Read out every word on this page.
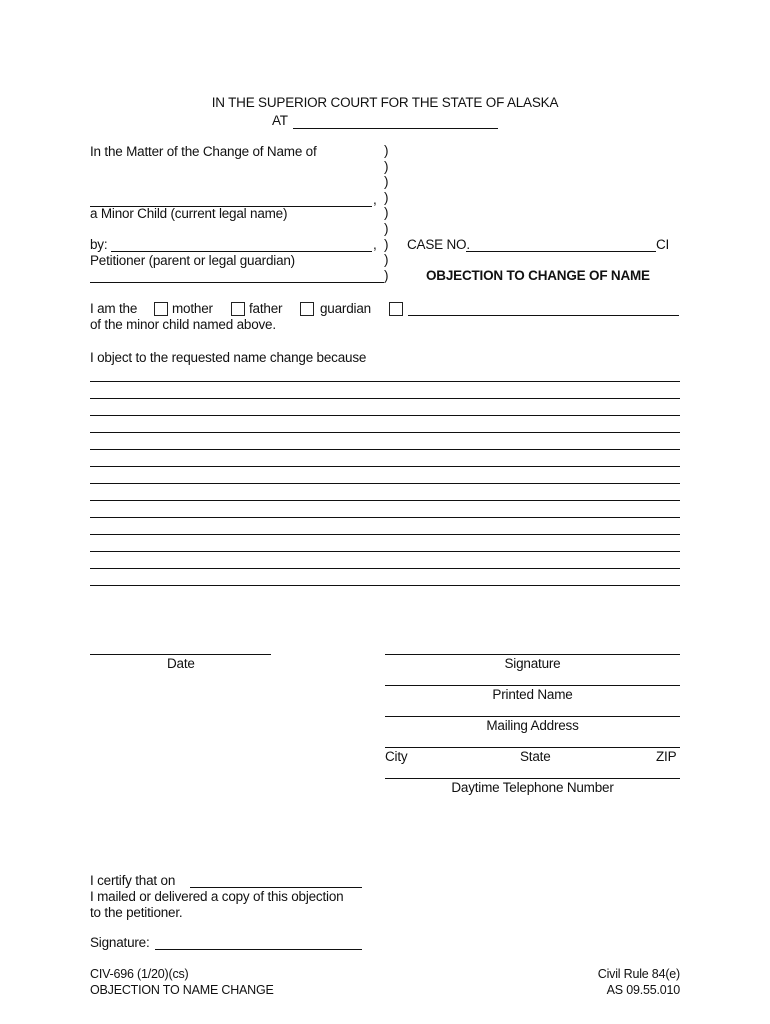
IN THE SUPERIOR COURT FOR THE STATE OF ALASKA
AT
In the Matter of the Change of Name of
,
a Minor Child (current legal name)
by:	,
Petitioner (parent or legal guardian)
)
)
)
)
)
)
)
)
)
CASE NO.	CI
OBJECTION TO CHANGE OF NAME
I am the	mother	father	guardian
of the minor child named above.
I object to the requested name change because
Date	Signature
Printed Name
Mailing Address
City	State	ZIP
Daytime Telephone Number
I certify that on
I mailed or delivered a copy of this objection
to the petitioner.
Signature:
CIV-696 (1/20)(cs)
OBJECTION TO NAME CHANGE
Civil Rule 84(e)
AS 09.55.010
